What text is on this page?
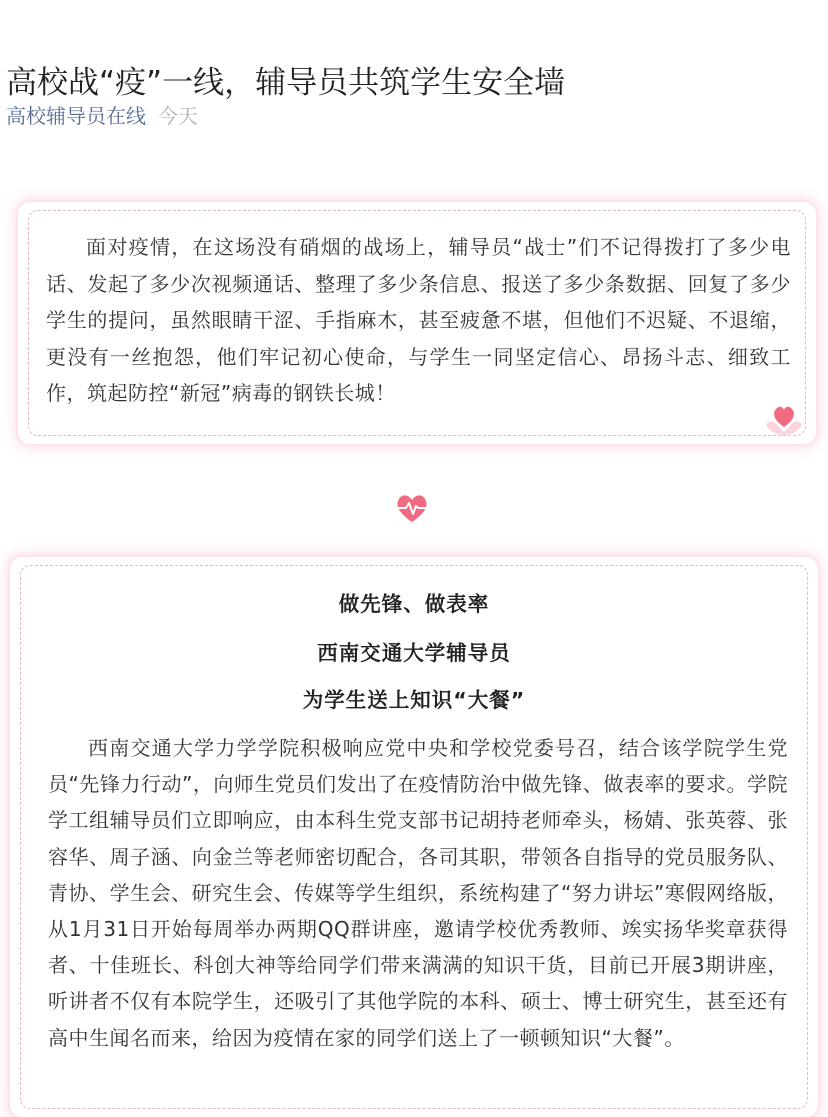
高校战“疫”一线，辅导员共筑学生安全墙
高校辅导员在线 今天

面对疫情，在这场没有硝烟的战场上，辅导员“战士”们不记得拨打了多少电话、发起了多少次视频通话、整理了多少条信息、报送了多少条数据、回复了多少学生的提问，虽然眼睛干涩、手指麻木，甚至疲惫不堪，但他们不迟疑、不退缩，更没有一丝抱怨，他们牢记初心使命，与学生一同坚定信心、昂扬斗志、细致工作，筑起防控“新冠”病毒的钢铁长城！

做先锋、做表率
西南交通大学辅导员
为学生送上知识“大餐”

西南交通大学力学学院积极响应党中央和学校党委号召，结合该学院学生党员“先锋力行动”，向师生党员们发出了在疫情防治中做先锋、做表率的要求。学院学工组辅导员们立即响应，由本科生党支部书记胡持老师牵头，杨婧、张英蓉、张容华、周子涵、向金兰等老师密切配合，各司其职，带领各自指导的党员服务队、青协、学生会、研究生会、传媒等学生组织，系统构建了“努力讲坛”寒假网络版，从1月31日开始每周举办两期QQ群讲座，邀请学校优秀教师、竢实扬华奖章获得者、十佳班长、科创大神等给同学们带来满满的知识干货，目前已开展3期讲座，听讲者不仅有本院学生，还吸引了其他学院的本科、硕士、博士研究生，甚至还有高中生闻名而来，给因为疫情在家的同学们送上了一顿顿知识“大餐”。
